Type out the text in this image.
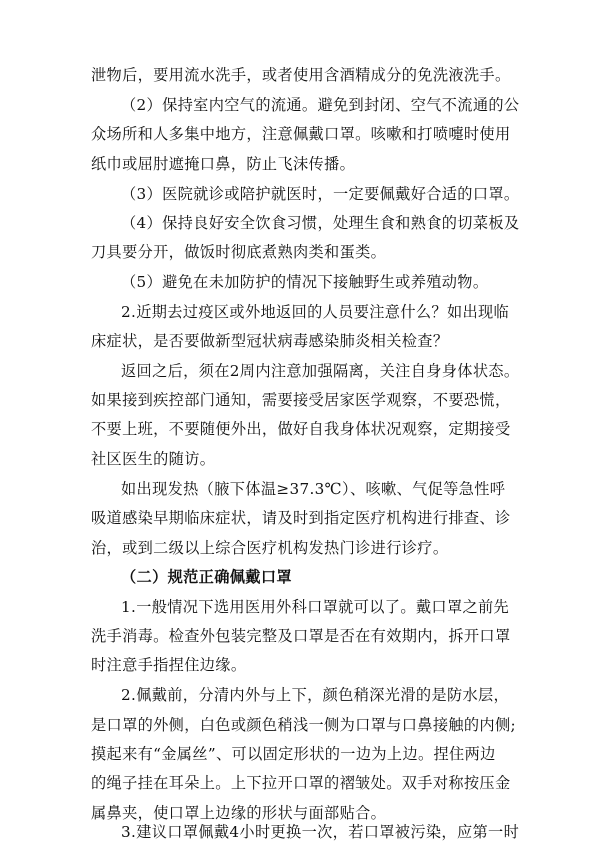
泄物后，要用流水洗手，或者使用含酒精成分的免洗液洗手。
（2）保持室内空气的流通。避免到封闭、空气不流通的公
众场所和人多集中地方，注意佩戴口罩。咳嗽和打喷嚏时使用
纸巾或屈肘遮掩口鼻，防止飞沫传播。
（3）医院就诊或陪护就医时，一定要佩戴好合适的口罩。
（4）保持良好安全饮食习惯，处理生食和熟食的切菜板及
刀具要分开，做饭时彻底煮熟肉类和蛋类。
（5）避免在未加防护的情况下接触野生或养殖动物。
2.近期去过疫区或外地返回的人员要注意什么？如出现临
床症状，是否要做新型冠状病毒感染肺炎相关检查？
返回之后，须在2周内注意加强隔离，关注自身身体状态。
如果接到疾控部门通知，需要接受居家医学观察，不要恐慌，
不要上班，不要随便外出，做好自我身体状况观察，定期接受
社区医生的随访。
如出现发热（腋下体温≥37.3℃）、咳嗽、气促等急性呼
吸道感染早期临床症状，请及时到指定医疗机构进行排查、诊
治，或到二级以上综合医疗机构发热门诊进行诊疗。
（二）规范正确佩戴口罩
1.一般情况下选用医用外科口罩就可以了。戴口罩之前先
洗手消毒。检查外包装完整及口罩是否在有效期内，拆开口罩
时注意手指捏住边缘。
2.佩戴前，分清内外与上下，颜色稍深光滑的是防水层，
是口罩的外侧，白色或颜色稍浅一侧为口罩与口鼻接触的内侧;
摸起来有“金属丝”、可以固定形状的一边为上边。捏住两边
的绳子挂在耳朵上。上下拉开口罩的褶皱处。双手对称按压金
属鼻夹，使口罩上边缘的形状与面部贴合。
3.建议口罩佩戴4小时更换一次，若口罩被污染，应第一时
